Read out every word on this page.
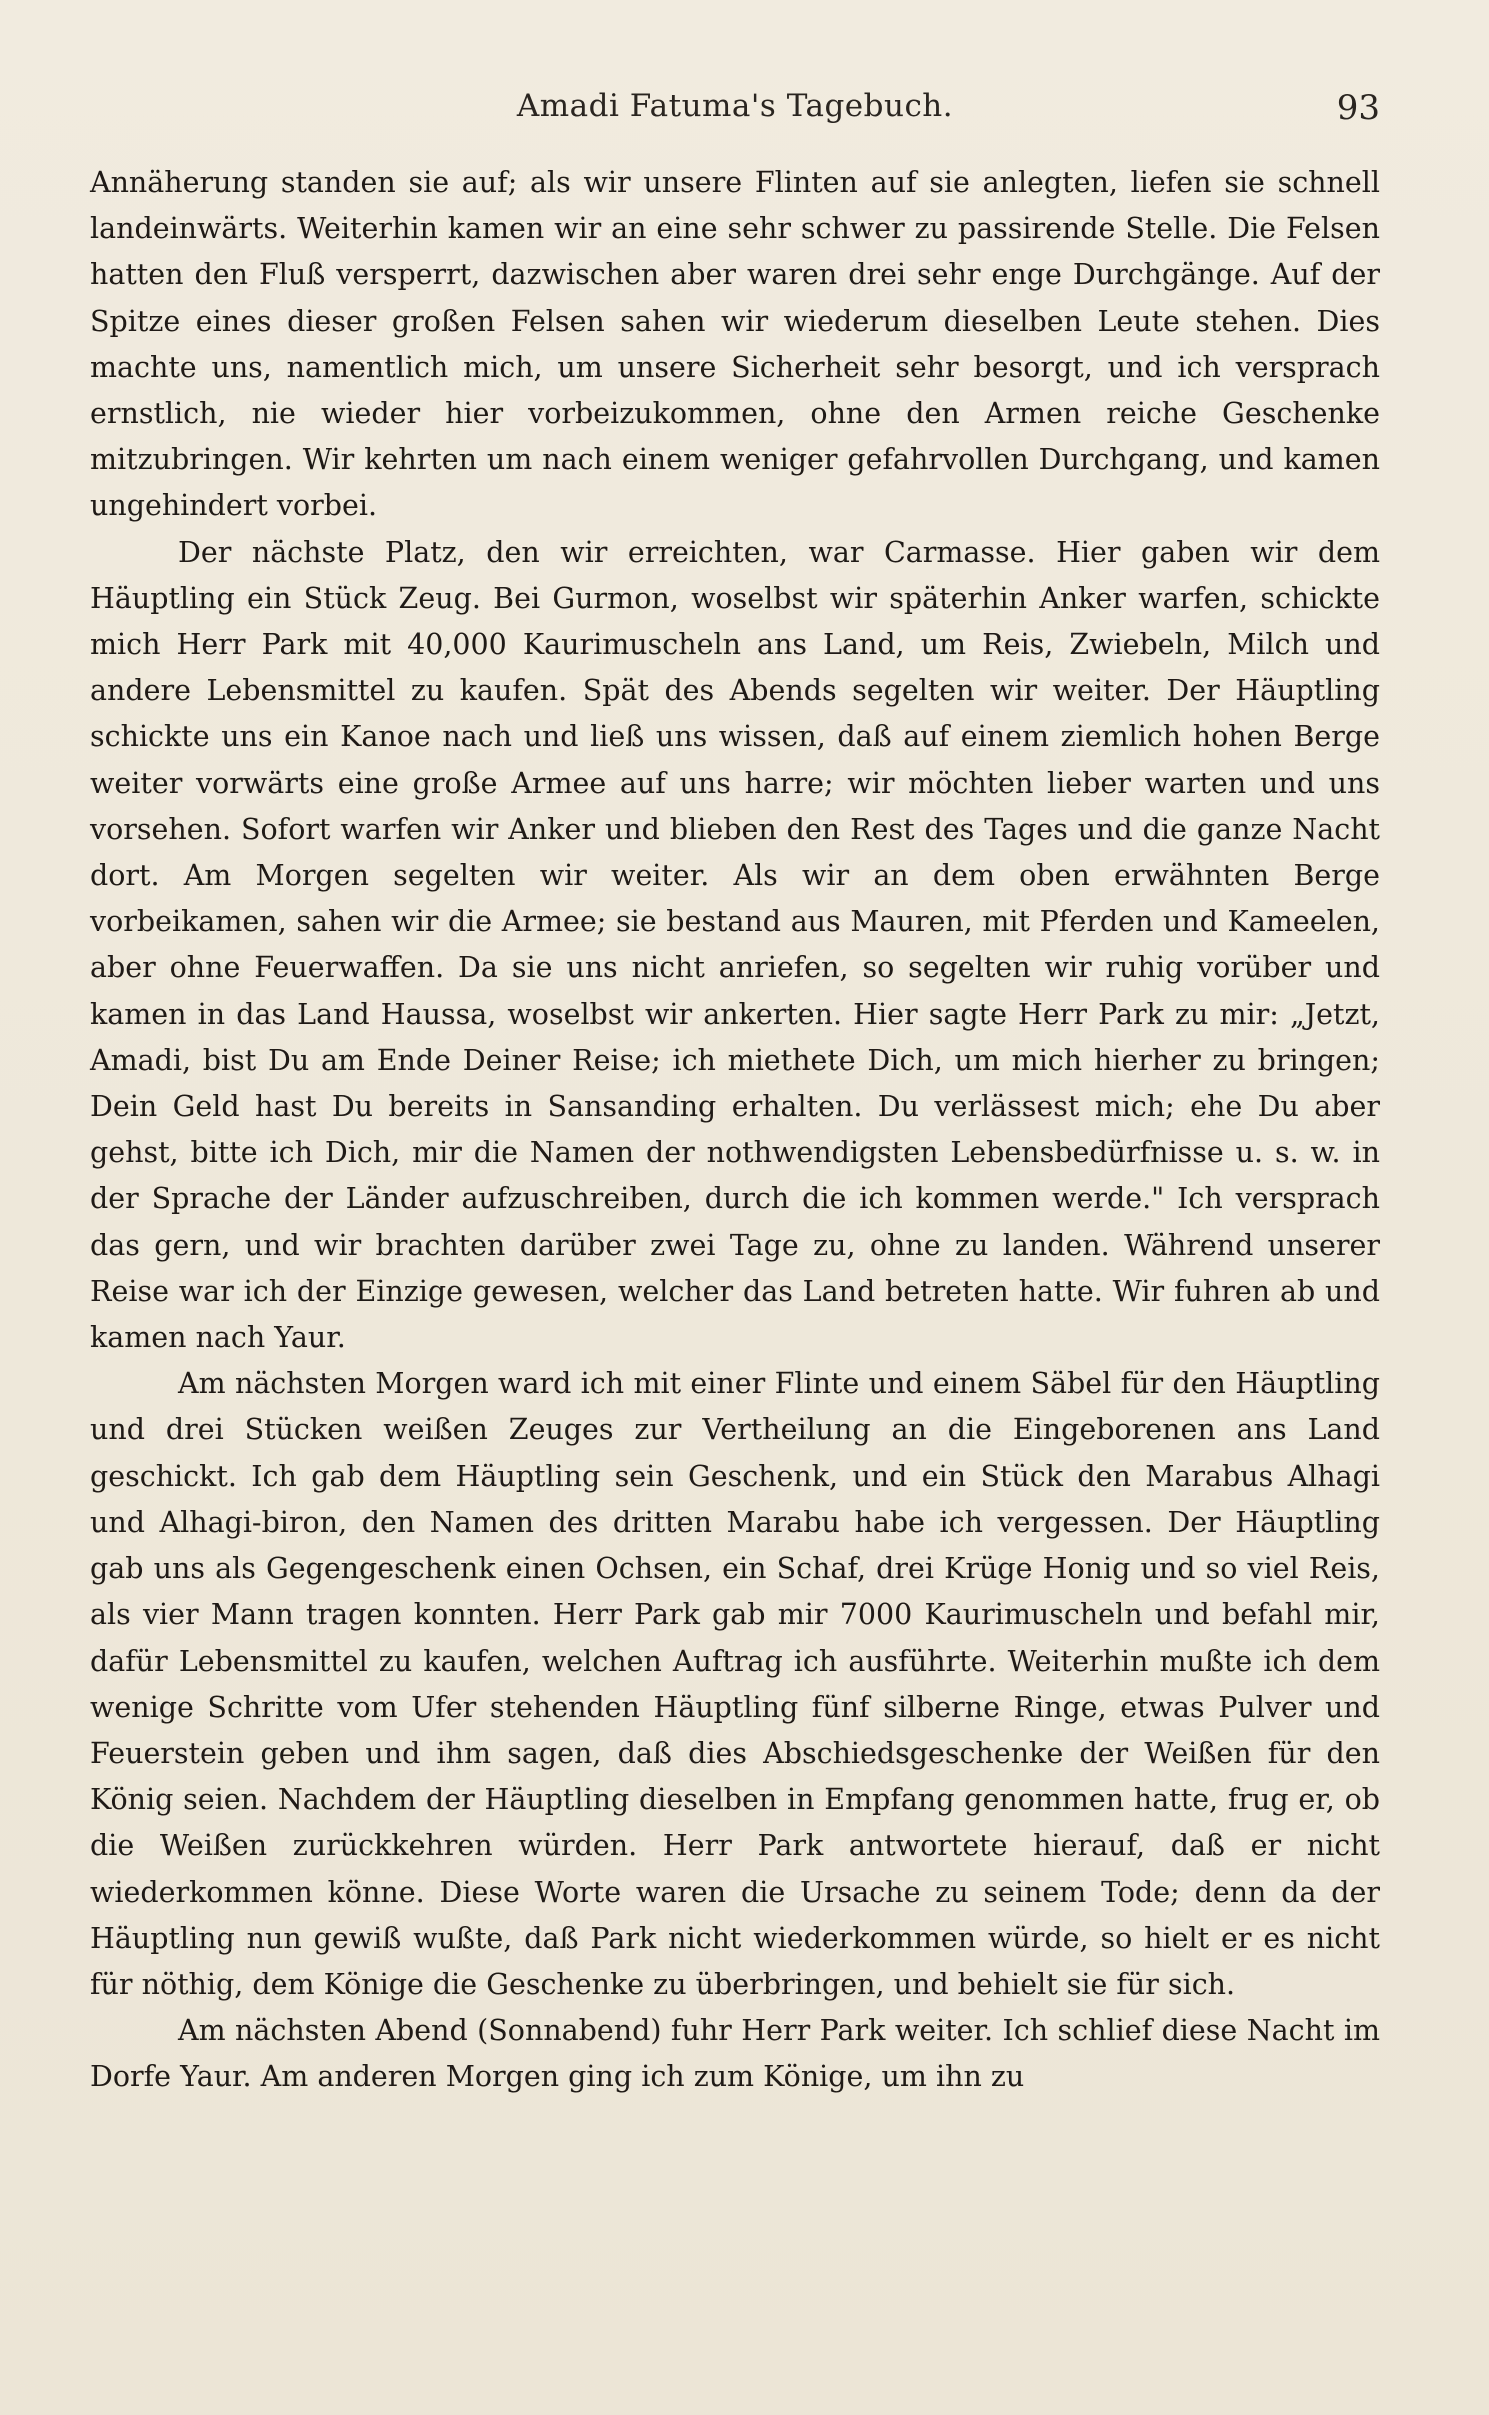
Amadi Fatuma's Tagebuch.	93

Annäherung standen sie auf; als wir unsere Flinten auf sie anlegten, liefen sie schnell landeinwärts. Weiterhin kamen wir an eine sehr schwer zu passirende Stelle. Die Felsen hatten den Fluß versperrt, dazwischen aber waren drei sehr enge Durchgänge. Auf der Spitze eines dieser großen Felsen sahen wir wiederum dieselben Leute stehen. Dies machte uns, namentlich mich, um unsere Sicherheit sehr besorgt, und ich versprach ernstlich, nie wieder hier vorbeizukommen, ohne den Armen reiche Geschenke mitzubringen. Wir kehrten um nach einem weniger gefahrvollen Durchgang, und kamen ungehindert vorbei.

Der nächste Platz, den wir erreichten, war Carmasse. Hier gaben wir dem Häuptling ein Stück Zeug. Bei Gurmon, woselbst wir späterhin Anker warfen, schickte mich Herr Park mit 40,000 Kaurimuscheln ans Land, um Reis, Zwiebeln, Milch und andere Lebensmittel zu kaufen. Spät des Abends segelten wir weiter. Der Häuptling schickte uns ein Kanoe nach und ließ uns wissen, daß auf einem ziemlich hohen Berge weiter vorwärts eine große Armee auf uns harre; wir möchten lieber warten und uns vorsehen. Sofort warfen wir Anker und blieben den Rest des Tages und die ganze Nacht dort. Am Morgen segelten wir weiter. Als wir an dem oben erwähnten Berge vorbeikamen, sahen wir die Armee; sie bestand aus Mauren, mit Pferden und Kameelen, aber ohne Feuerwaffen. Da sie uns nicht anriefen, so segelten wir ruhig vorüber und kamen in das Land Haussa, woselbst wir ankerten. Hier sagte Herr Park zu mir: „Jetzt, Amadi, bist Du am Ende Deiner Reise; ich miethete Dich, um mich hierher zu bringen; Dein Geld hast Du bereits in Sansanding erhalten. Du verlässest mich; ehe Du aber gehst, bitte ich Dich, mir die Namen der nothwendigsten Lebensbedürfnisse u. s. w. in der Sprache der Länder aufzuschreiben, durch die ich kommen werde." Ich versprach das gern, und wir brachten darüber zwei Tage zu, ohne zu landen. Während unserer Reise war ich der Einzige gewesen, welcher das Land betreten hatte. Wir fuhren ab und kamen nach Yaur.

Am nächsten Morgen ward ich mit einer Flinte und einem Säbel für den Häuptling und drei Stücken weißen Zeuges zur Vertheilung an die Eingeborenen ans Land geschickt. Ich gab dem Häuptling sein Geschenk, und ein Stück den Marabus Alhagi und Alhagi-biron, den Namen des dritten Marabu habe ich vergessen. Der Häuptling gab uns als Gegengeschenk einen Ochsen, ein Schaf, drei Krüge Honig und so viel Reis, als vier Mann tragen konnten. Herr Park gab mir 7000 Kaurimuscheln und befahl mir, dafür Lebensmittel zu kaufen, welchen Auftrag ich ausführte. Weiterhin mußte ich dem wenige Schritte vom Ufer stehenden Häuptling fünf silberne Ringe, etwas Pulver und Feuerstein geben und ihm sagen, daß dies Abschiedsgeschenke der Weißen für den König seien. Nachdem der Häuptling dieselben in Empfang genommen hatte, frug er, ob die Weißen zurückkehren würden. Herr Park antwortete hierauf, daß er nicht wiederkommen könne. Diese Worte waren die Ursache zu seinem Tode; denn da der Häuptling nun gewiß wußte, daß Park nicht wiederkommen würde, so hielt er es nicht für nöthig, dem Könige die Geschenke zu überbringen, und behielt sie für sich.

Am nächsten Abend (Sonnabend) fuhr Herr Park weiter. Ich schlief diese Nacht im Dorfe Yaur. Am anderen Morgen ging ich zum Könige, um ihn zu
